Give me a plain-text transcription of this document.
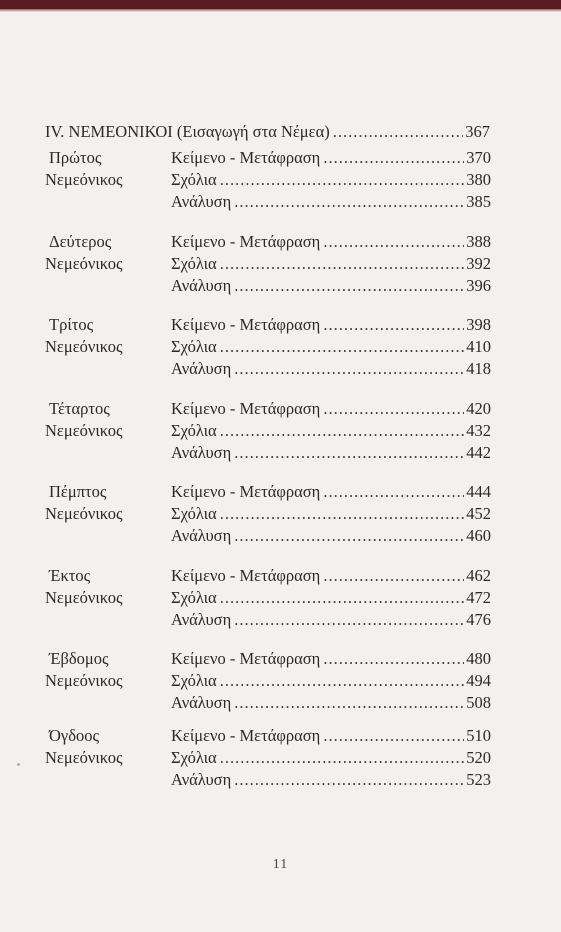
IV. ΝΕΜΕΟΝΙΚΟΙ (Εισαγωγή στα Νέμεα) .....	367
Πρώτος
Νεμεόνικος
Κείμενο - Μετάφραση .....	370
Σχόλια .....	380
Ανάλυση .....	385
Δεύτερος
Νεμεόνικος
Κείμενο - Μετάφραση .....	388
Σχόλια .....	392
Ανάλυση .....	396
Τρίτος
Νεμεόνικος
Κείμενο - Μετάφραση .....	398
Σχόλια .....	410
Ανάλυση .....	418
Τέταρτος
Νεμεόνικος
Κείμενο - Μετάφραση .....	420
Σχόλια .....	432
Ανάλυση .....	442
Πέμπτος
Νεμεόνικος
Κείμενο - Μετάφραση .....	444
Σχόλια .....	452
Ανάλυση .....	460
Έκτος
Νεμεόνικος
Κείμενο - Μετάφραση .....	462
Σχόλια .....	472
Ανάλυση .....	476
Έβδομος
Νεμεόνικος
Κείμενο - Μετάφραση .....	480
Σχόλια .....	494
Ανάλυση .....	508
Όγδοος
Νεμεόνικος
Κείμενο - Μετάφραση .....	510
Σχόλια .....	520
Ανάλυση .....	523
11
